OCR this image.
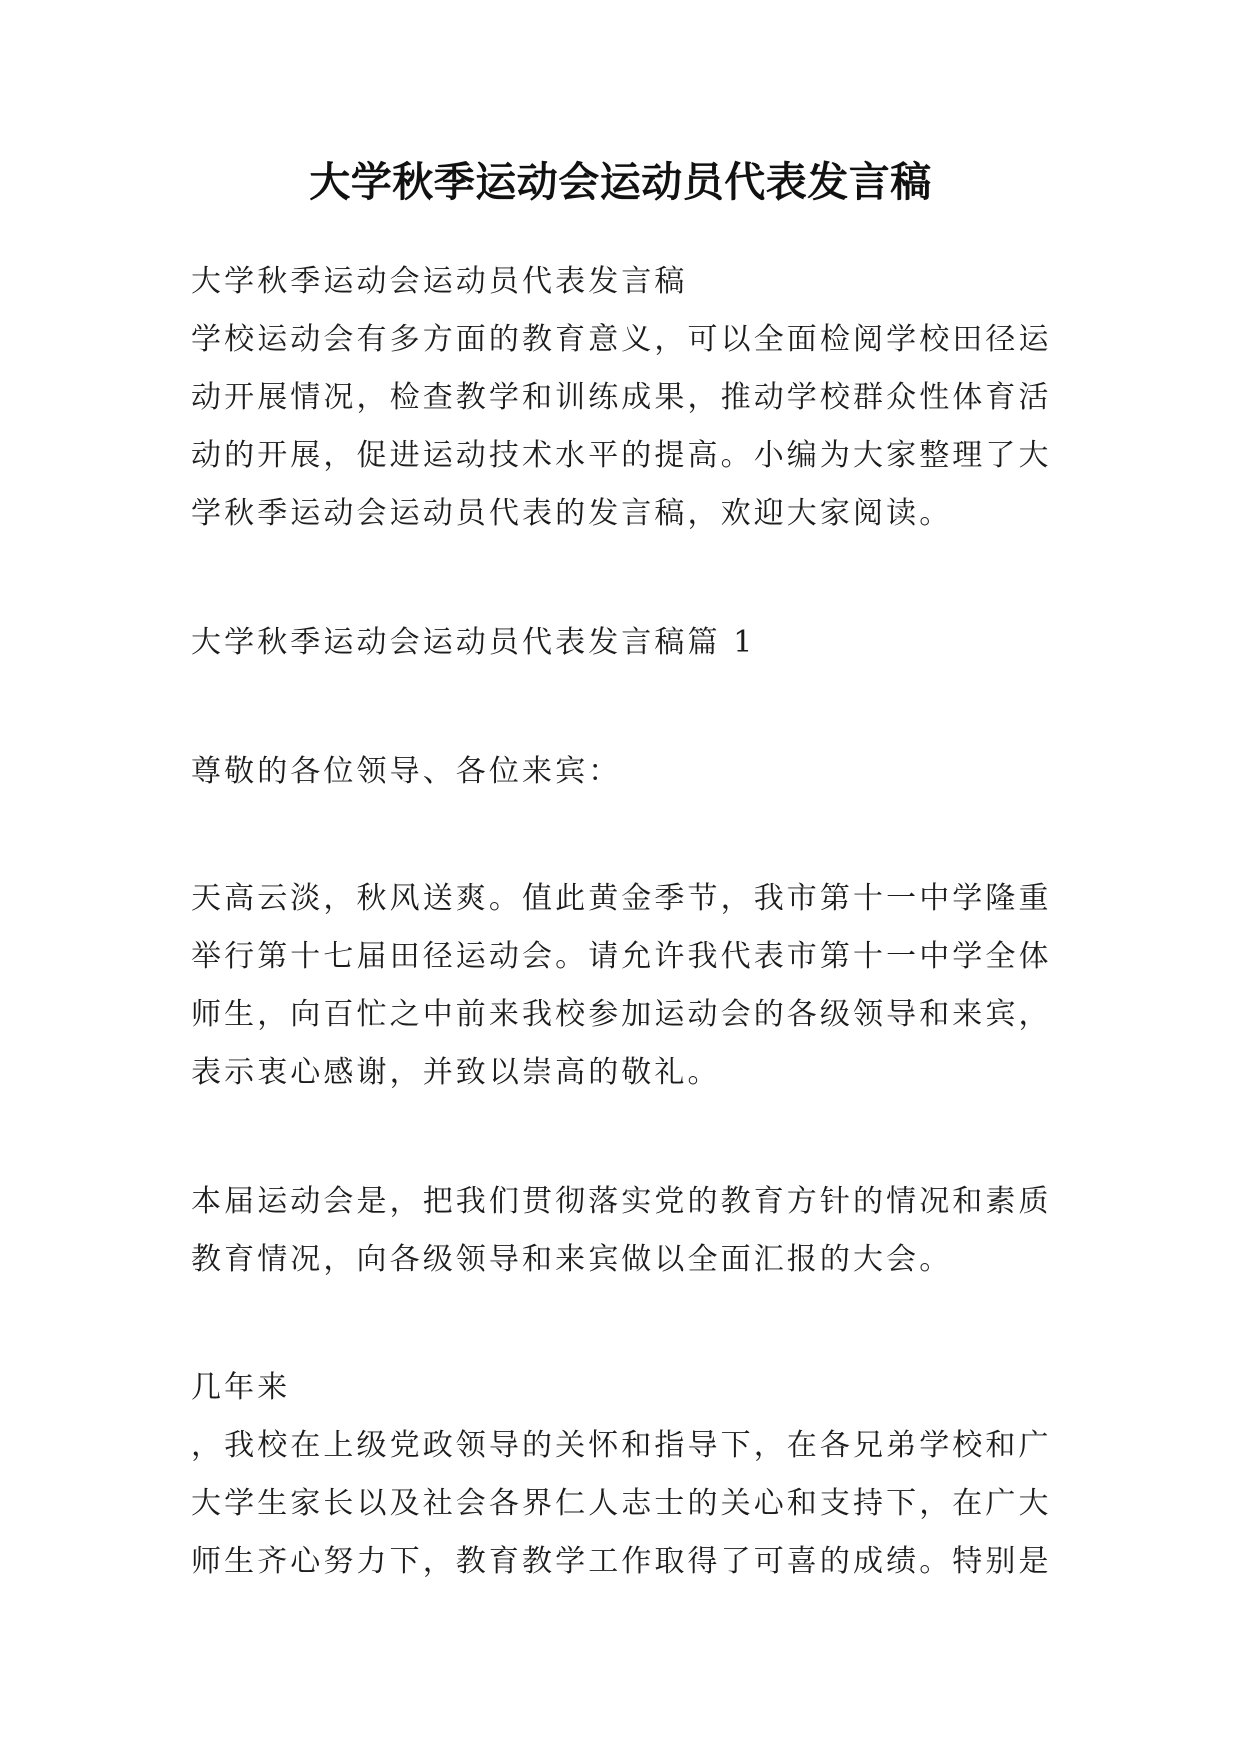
大学秋季运动会运动员代表发言稿

大学秋季运动会运动员代表发言稿

学校运动会有多方面的教育意义，可以全面检阅学校田径运

动开展情况，检查教学和训练成果，推动学校群众性体育活

动的开展，促进运动技术水平的提高。小编为大家整理了大

学秋季运动会运动员代表的发言稿，欢迎大家阅读。

大学秋季运动会运动员代表发言稿篇 1

尊敬的各位领导、各位来宾：

天高云淡，秋风送爽。值此黄金季节，我市第十一中学隆重

举行第十七届田径运动会。请允许我代表市第十一中学全体

师生，向百忙之中前来我校参加运动会的各级领导和来宾，

表示衷心感谢，并致以崇高的敬礼。

本届运动会是，把我们贯彻落实党的教育方针的情况和素质

教育情况，向各级领导和来宾做以全面汇报的大会。

几年来

，我校在上级党政领导的关怀和指导下，在各兄弟学校和广

大学生家长以及社会各界仁人志士的关心和支持下，在广大

师生齐心努力下，教育教学工作取得了可喜的成绩。特别是
